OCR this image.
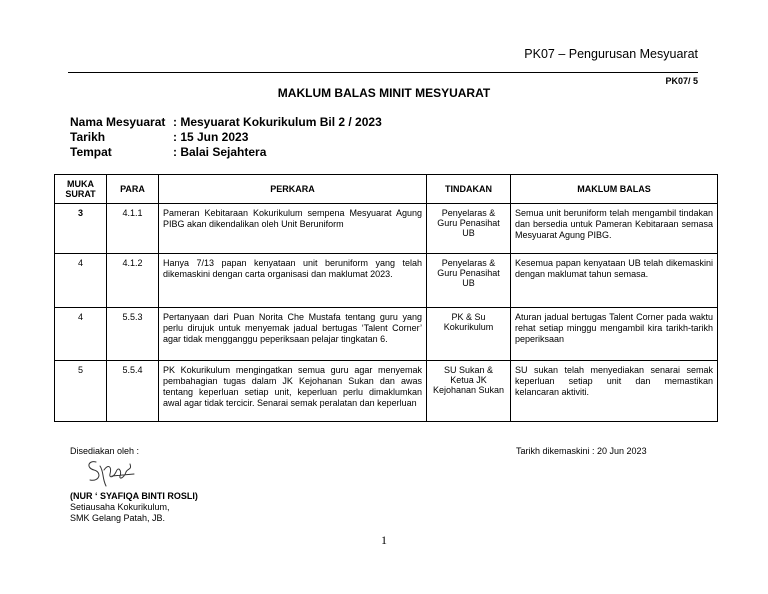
PK07 – Pengurusan Mesyuarat
PK07/ 5
MAKLUM BALAS MINIT MESYUARAT
Nama Mesyuarat : Mesyuarat Kokurikulum Bil 2 / 2023
Tarikh	: 15 Jun 2023
Tempat	: Balai Sejahtera
MUKA SURAT	PARA	PERKARA	TINDAKAN	MAKLUM BALAS
3	4.1.1	Pameran Kebitaraan Kokurikulum sempena Mesyuarat Agung PIBG akan dikendalikan oleh Unit Beruniform	Penyelaras & Guru Penasihat UB	Semua unit beruniform telah mengambil tindakan dan bersedia untuk Pameran Kebitaraan semasa Mesyuarat Agung PIBG.
4	4.1.2	Hanya 7/13 papan kenyataan unit beruniform yang telah dikemaskini dengan carta organisasi dan maklumat 2023.	Penyelaras & Guru Penasihat UB	Kesemua papan kenyataan UB telah dikemaskini dengan maklumat tahun semasa.
4	5.5.3	Pertanyaan dari Puan Norita Che Mustafa tentang guru yang perlu dirujuk untuk menyemak jadual bertugas ‘Talent Corner’ agar tidak mengganggu peperiksaan pelajar tingkatan 6.	PK & Su Kokurikulum	Aturan jadual bertugas Talent Corner pada waktu rehat setiap minggu mengambil kira tarikh-tarikh peperiksaan
5	5.5.4	PK Kokurikulum mengingatkan semua guru agar menyemak pembahagian tugas dalam JK Kejohanan Sukan dan awas tentang keperluan setiap unit, keperluan perlu dimaklumkan awal agar tidak tercicir. Senarai semak peralatan dan keperluan	SU Sukan & Ketua JK Kejohanan Sukan	SU sukan telah menyediakan senarai semak keperluan setiap unit dan memastikan kelancaran aktiviti.
Disediakan oleh :	Tarikh dikemaskini : 20 Jun 2023
(NUR ‘ SYAFIQA BINTI ROSLI)
Setiausaha Kokurikulum,
SMK Gelang Patah, JB.
1
